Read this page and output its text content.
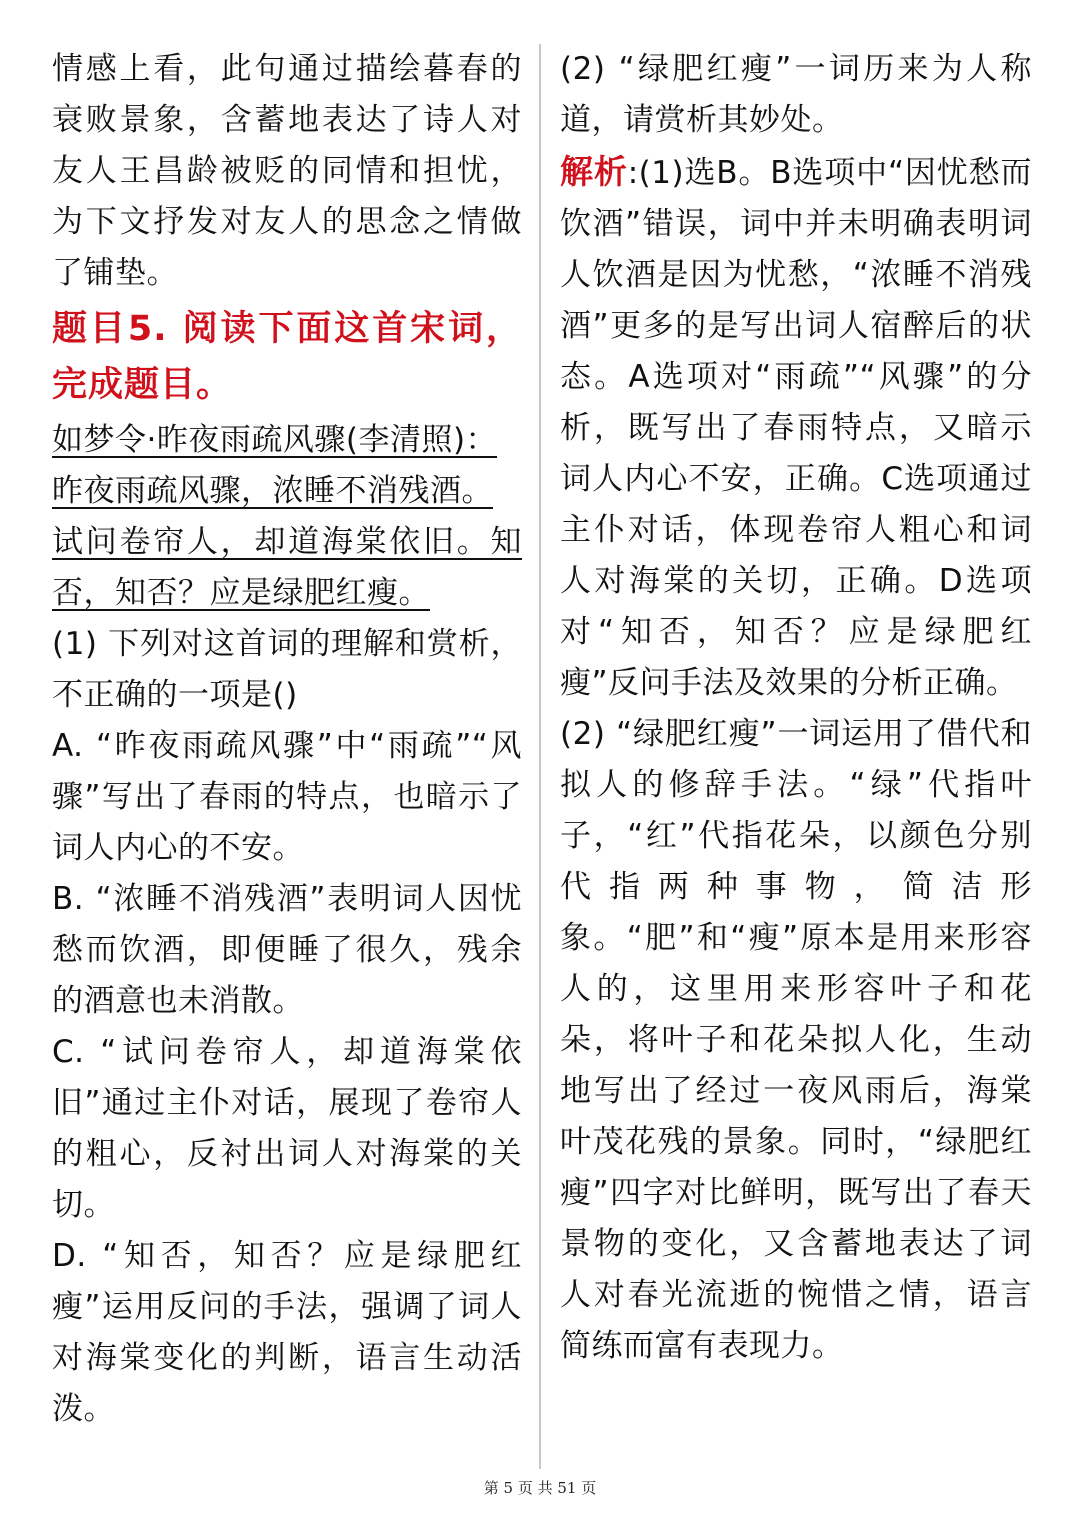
情感上看，此句通过描绘暮春的衰败景象，含蓄地表达了诗人对友人王昌龄被贬的同情和担忧，为下文抒发对友人的思念之情做了铺垫。

题目5. 阅读下面这首宋词，完成题目。

如梦令·昨夜雨疏风骤(李清照)：

昨夜雨疏风骤，浓睡不消残酒。

试问卷帘人，却道海棠依旧。知否，知否？应是绿肥红瘦。

(1) 下列对这首词的理解和赏析，不正确的一项是()

A. “昨夜雨疏风骤”中“雨疏”“风骤”写出了春雨的特点，也暗示了词人内心的不安。

B. “浓睡不消残酒”表明词人因忧愁而饮酒，即便睡了很久，残余的酒意也未消散。

C. “试问卷帘人，却道海棠依旧”通过主仆对话，展现了卷帘人的粗心，反衬出词人对海棠的关切。

D. “知否，知否？应是绿肥红瘦”运用反问的手法，强调了词人对海棠变化的判断，语言生动活泼。

(2) “绿肥红瘦”一词历来为人称道，请赏析其妙处。

解析:(1)选B。B选项中“因忧愁而饮酒”错误，词中并未明确表明词人饮酒是因为忧愁，“浓睡不消残酒”更多的是写出词人宿醉后的状态。A选项对“雨疏”“风骤”的分析，既写出了春雨特点，又暗示词人内心不安，正确。C选项通过主仆对话，体现卷帘人粗心和词人对海棠的关切，正确。D选项对“知否，知否？应是绿肥红瘦”反问手法及效果的分析正确。

(2) “绿肥红瘦”一词运用了借代和拟人的修辞手法。“绿”代指叶子，“红”代指花朵，以颜色分别代指两种事物，简洁形象。“肥”和“瘦”原本是用来形容人的，这里用来形容叶子和花朵，将叶子和花朵拟人化，生动地写出了经过一夜风雨后，海棠叶茂花残的景象。同时，“绿肥红瘦”四字对比鲜明，既写出了春天景物的变化，又含蓄地表达了词人对春光流逝的惋惜之情，语言简练而富有表现力。

第 5 页 共 51 页
